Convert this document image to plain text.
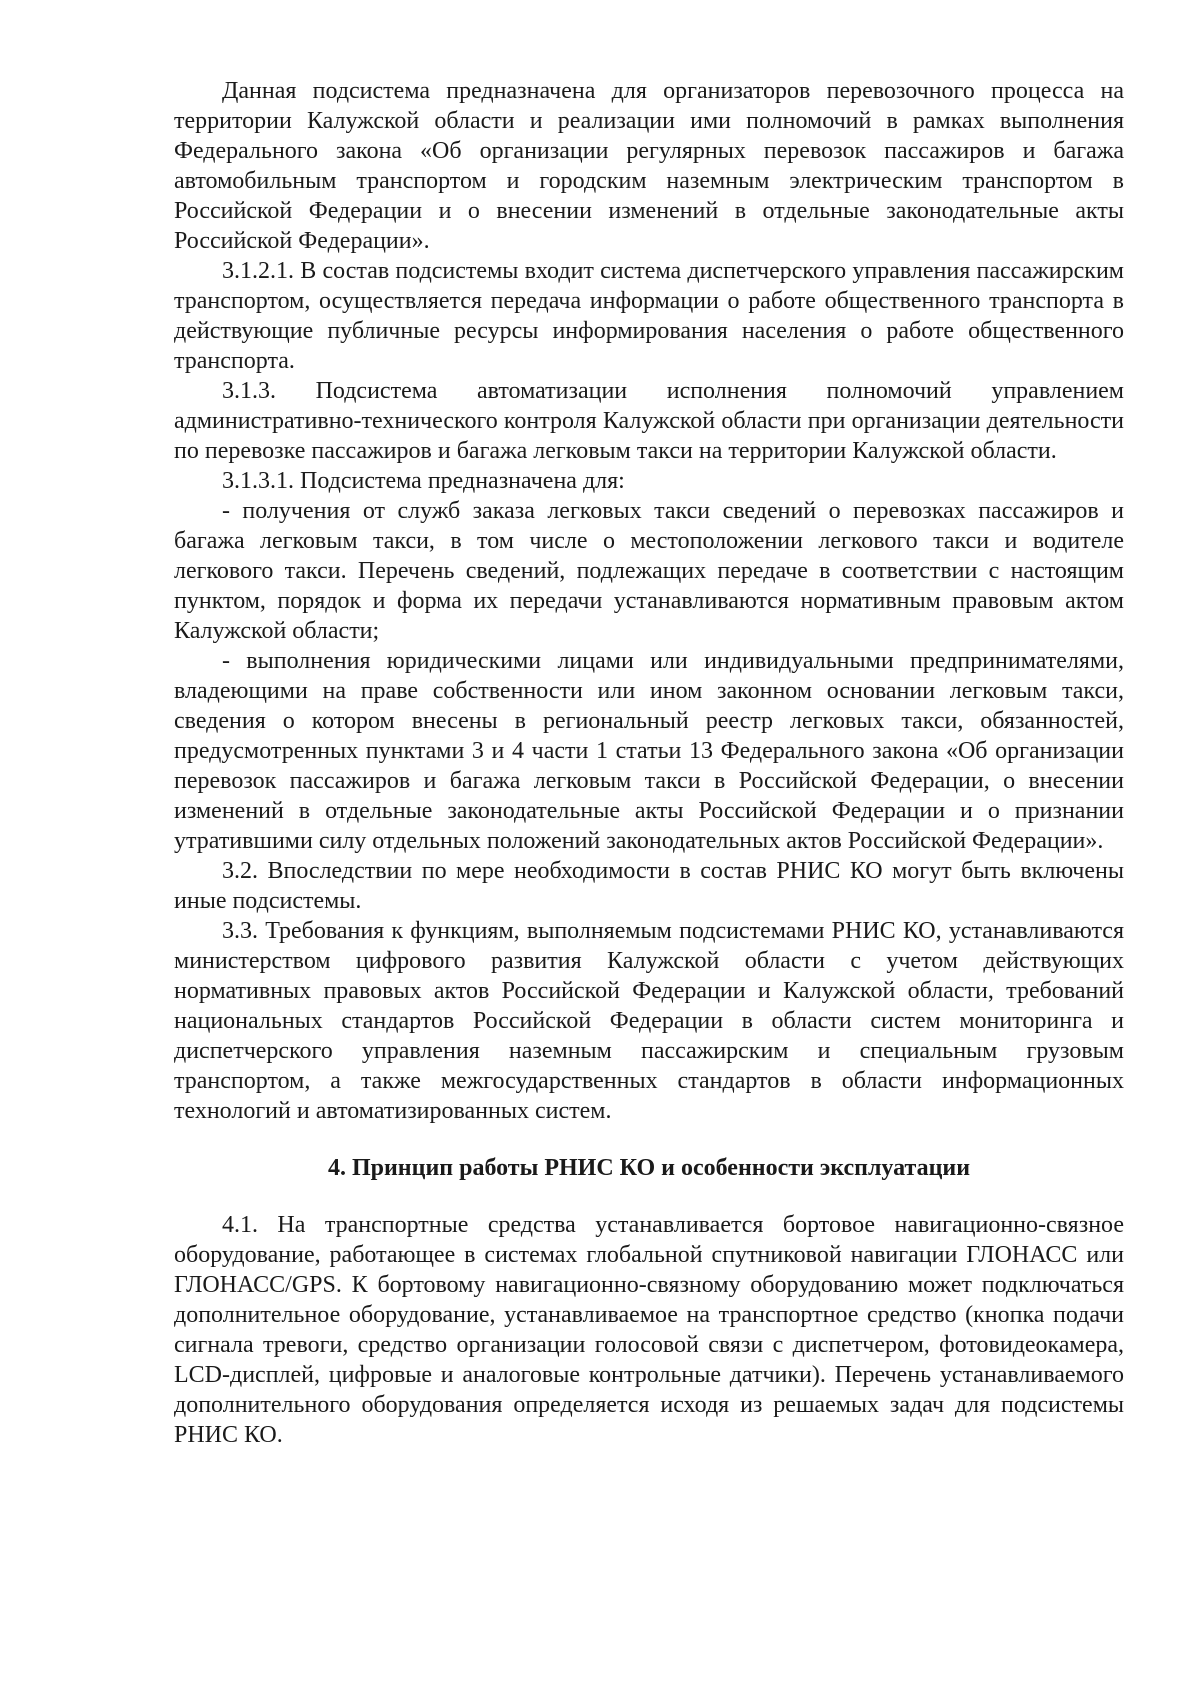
Данная подсистема предназначена для организаторов перевозочного процесса на территории Калужской области и реализации ими полномочий в рамках выполнения Федерального закона «Об организации регулярных перевозок пассажиров и багажа автомобильным транспортом и городским наземным электрическим транспортом в Российской Федерации и о внесении изменений в отдельные законодательные акты Российской Федерации».

3.1.2.1. В состав подсистемы входит система диспетчерского управления пассажирским транспортом, осуществляется передача информации о работе общественного транспорта в действующие публичные ресурсы информирования населения о работе общественного транспорта.

3.1.3. Подсистема автоматизации исполнения полномочий управлением административно-технического контроля Калужской области при организации деятельности по перевозке пассажиров и багажа легковым такси на территории Калужской области.

3.1.3.1. Подсистема предназначена для:

- получения от служб заказа легковых такси сведений о перевозках пассажиров и багажа легковым такси, в том числе о местоположении легкового такси и водителе легкового такси. Перечень сведений, подлежащих передаче в соответствии с настоящим пунктом, порядок и форма их передачи устанавливаются нормативным правовым актом Калужской области;

- выполнения юридическими лицами или индивидуальными предпринимателями, владеющими на праве собственности или ином законном основании легковым такси, сведения о котором внесены в региональный реестр легковых такси, обязанностей, предусмотренных пунктами 3 и 4 части 1 статьи 13 Федерального закона «Об организации перевозок пассажиров и багажа легковым такси в Российской Федерации, о внесении изменений в отдельные законодательные акты Российской Федерации и о признании утратившими силу отдельных положений законодательных актов Российской Федерации».

3.2. Впоследствии по мере необходимости в состав РНИС КО могут быть включены иные подсистемы.

3.3. Требования к функциям, выполняемым подсистемами РНИС КО, устанавливаются министерством цифрового развития Калужской области с учетом действующих нормативных правовых актов Российской Федерации и Калужской области, требований национальных стандартов Российской Федерации в области систем мониторинга и диспетчерского управления наземным пассажирским и специальным грузовым транспортом, а также межгосударственных стандартов в области информационных технологий и автоматизированных систем.

4. Принцип работы РНИС КО и особенности эксплуатации

4.1. На транспортные средства устанавливается бортовое навигационно-связное оборудование, работающее в системах глобальной спутниковой навигации ГЛОНАСС или ГЛОНАСС/GPS. К бортовому навигационно-связному оборудованию может подключаться дополнительное оборудование, устанавливаемое на транспортное средство (кнопка подачи сигнала тревоги, средство организации голосовой связи с диспетчером, фотовидеокамера, LCD-дисплей, цифровые и аналоговые контрольные датчики). Перечень устанавливаемого дополнительного оборудования определяется исходя из решаемых задач для подсистемы РНИС КО.
